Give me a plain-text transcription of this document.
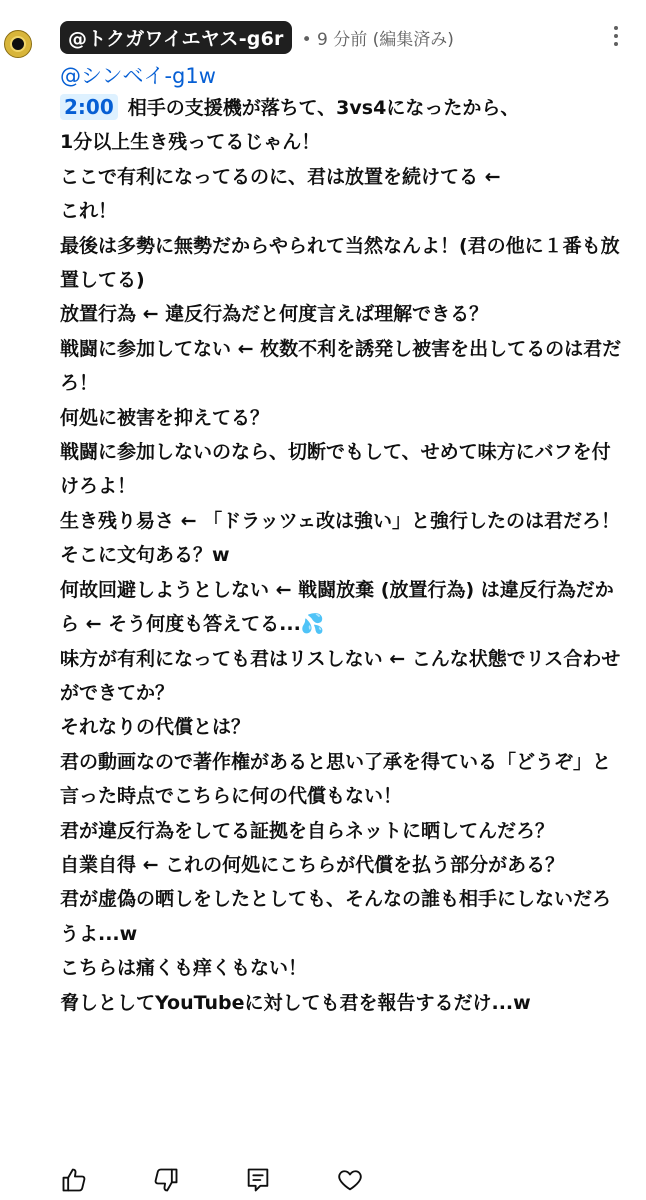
@トクガワイエヤス-g6r	• 9 分前 (編集済み)
@シンベイ-g1w
2:00 相手の支援機が落ちて、3vs4になったから、
1分以上生き残ってるじゃん！
ここで有利になってるのに、君は放置を続けてる ←
これ！
最後は多勢に無勢だからやられて当然なんよ！(君の他に１番も放置してる)
放置行為 ← 違反行為だと何度言えば理解できる？
戦闘に参加してない ← 枚数不利を誘発し被害を出してるのは君だろ！
何処に被害を抑えてる？
戦闘に参加しないのなら、切断でもして、せめて味方にバフを付けろよ！
生き残り易さ ← 「ドラッツェ改は強い」と強行したのは君だろ！
そこに文句ある？w
何故回避しようとしない ← 戦闘放棄 (放置行為) は違反行為だから ← そう何度も答えてる...💦
味方が有利になっても君はリスしない ← こんな状態でリス合わせができてか？
それなりの代償とは？
君の動画なので著作権があると思い了承を得ている「どうぞ」と言った時点でこちらに何の代償もない！
君が違反行為をしてる証拠を自らネットに晒してんだろ？
自業自得 ← これの何処にこちらが代償を払う部分がある？
君が虚偽の晒しをしたとしても、そんなの誰も相手にしないだろうよ...w
こちらは痛くも痒くもない！
脅しとしてYouTubeに対しても君を報告するだけ...w
